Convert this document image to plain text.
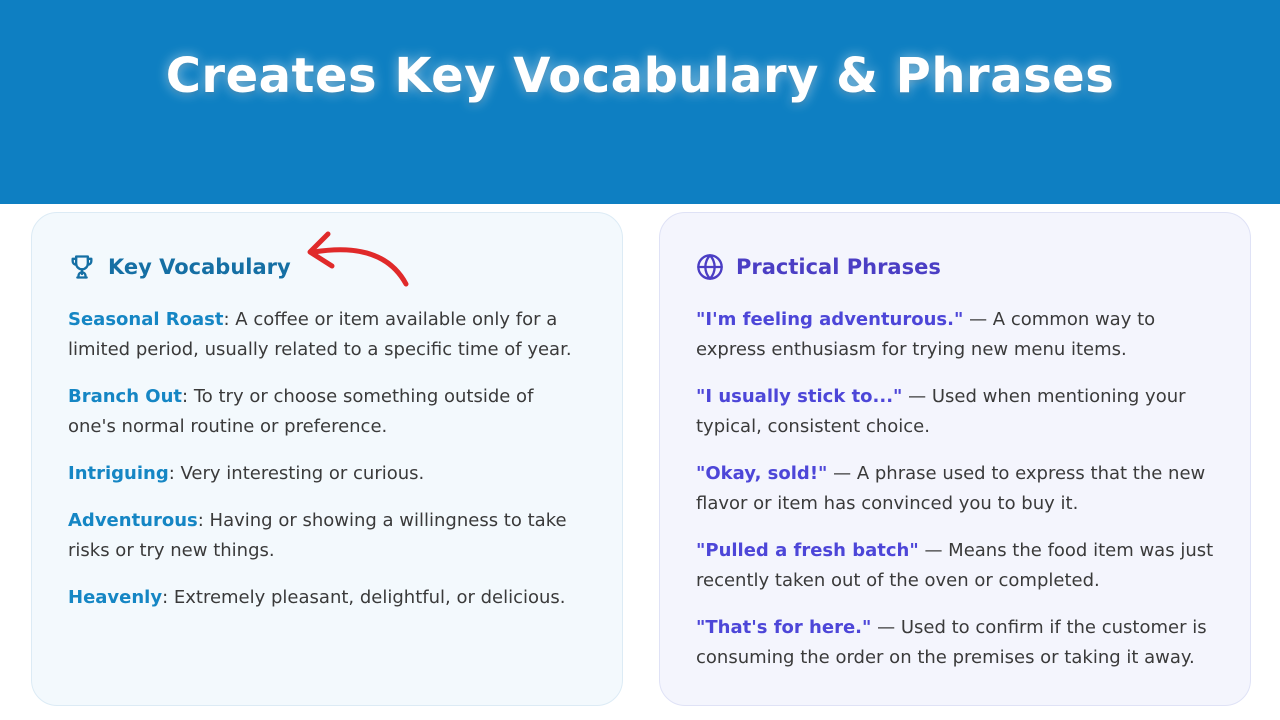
Creates Key Vocabulary & Phrases
Key Vocabulary
Seasonal Roast: A coffee or item available only for a limited period, usually related to a specific time of year.
Branch Out: To try or choose something outside of one's normal routine or preference.
Intriguing: Very interesting or curious.
Adventurous: Having or showing a willingness to take risks or try new things.
Heavenly: Extremely pleasant, delightful, or delicious.
Practical Phrases
"I'm feeling adventurous." — A common way to express enthusiasm for trying new menu items.
"I usually stick to..." — Used when mentioning your typical, consistent choice.
"Okay, sold!" — A phrase used to express that the new flavor or item has convinced you to buy it.
"Pulled a fresh batch" — Means the food item was just recently taken out of the oven or completed.
"That's for here." — Used to confirm if the customer is consuming the order on the premises or taking it away.
